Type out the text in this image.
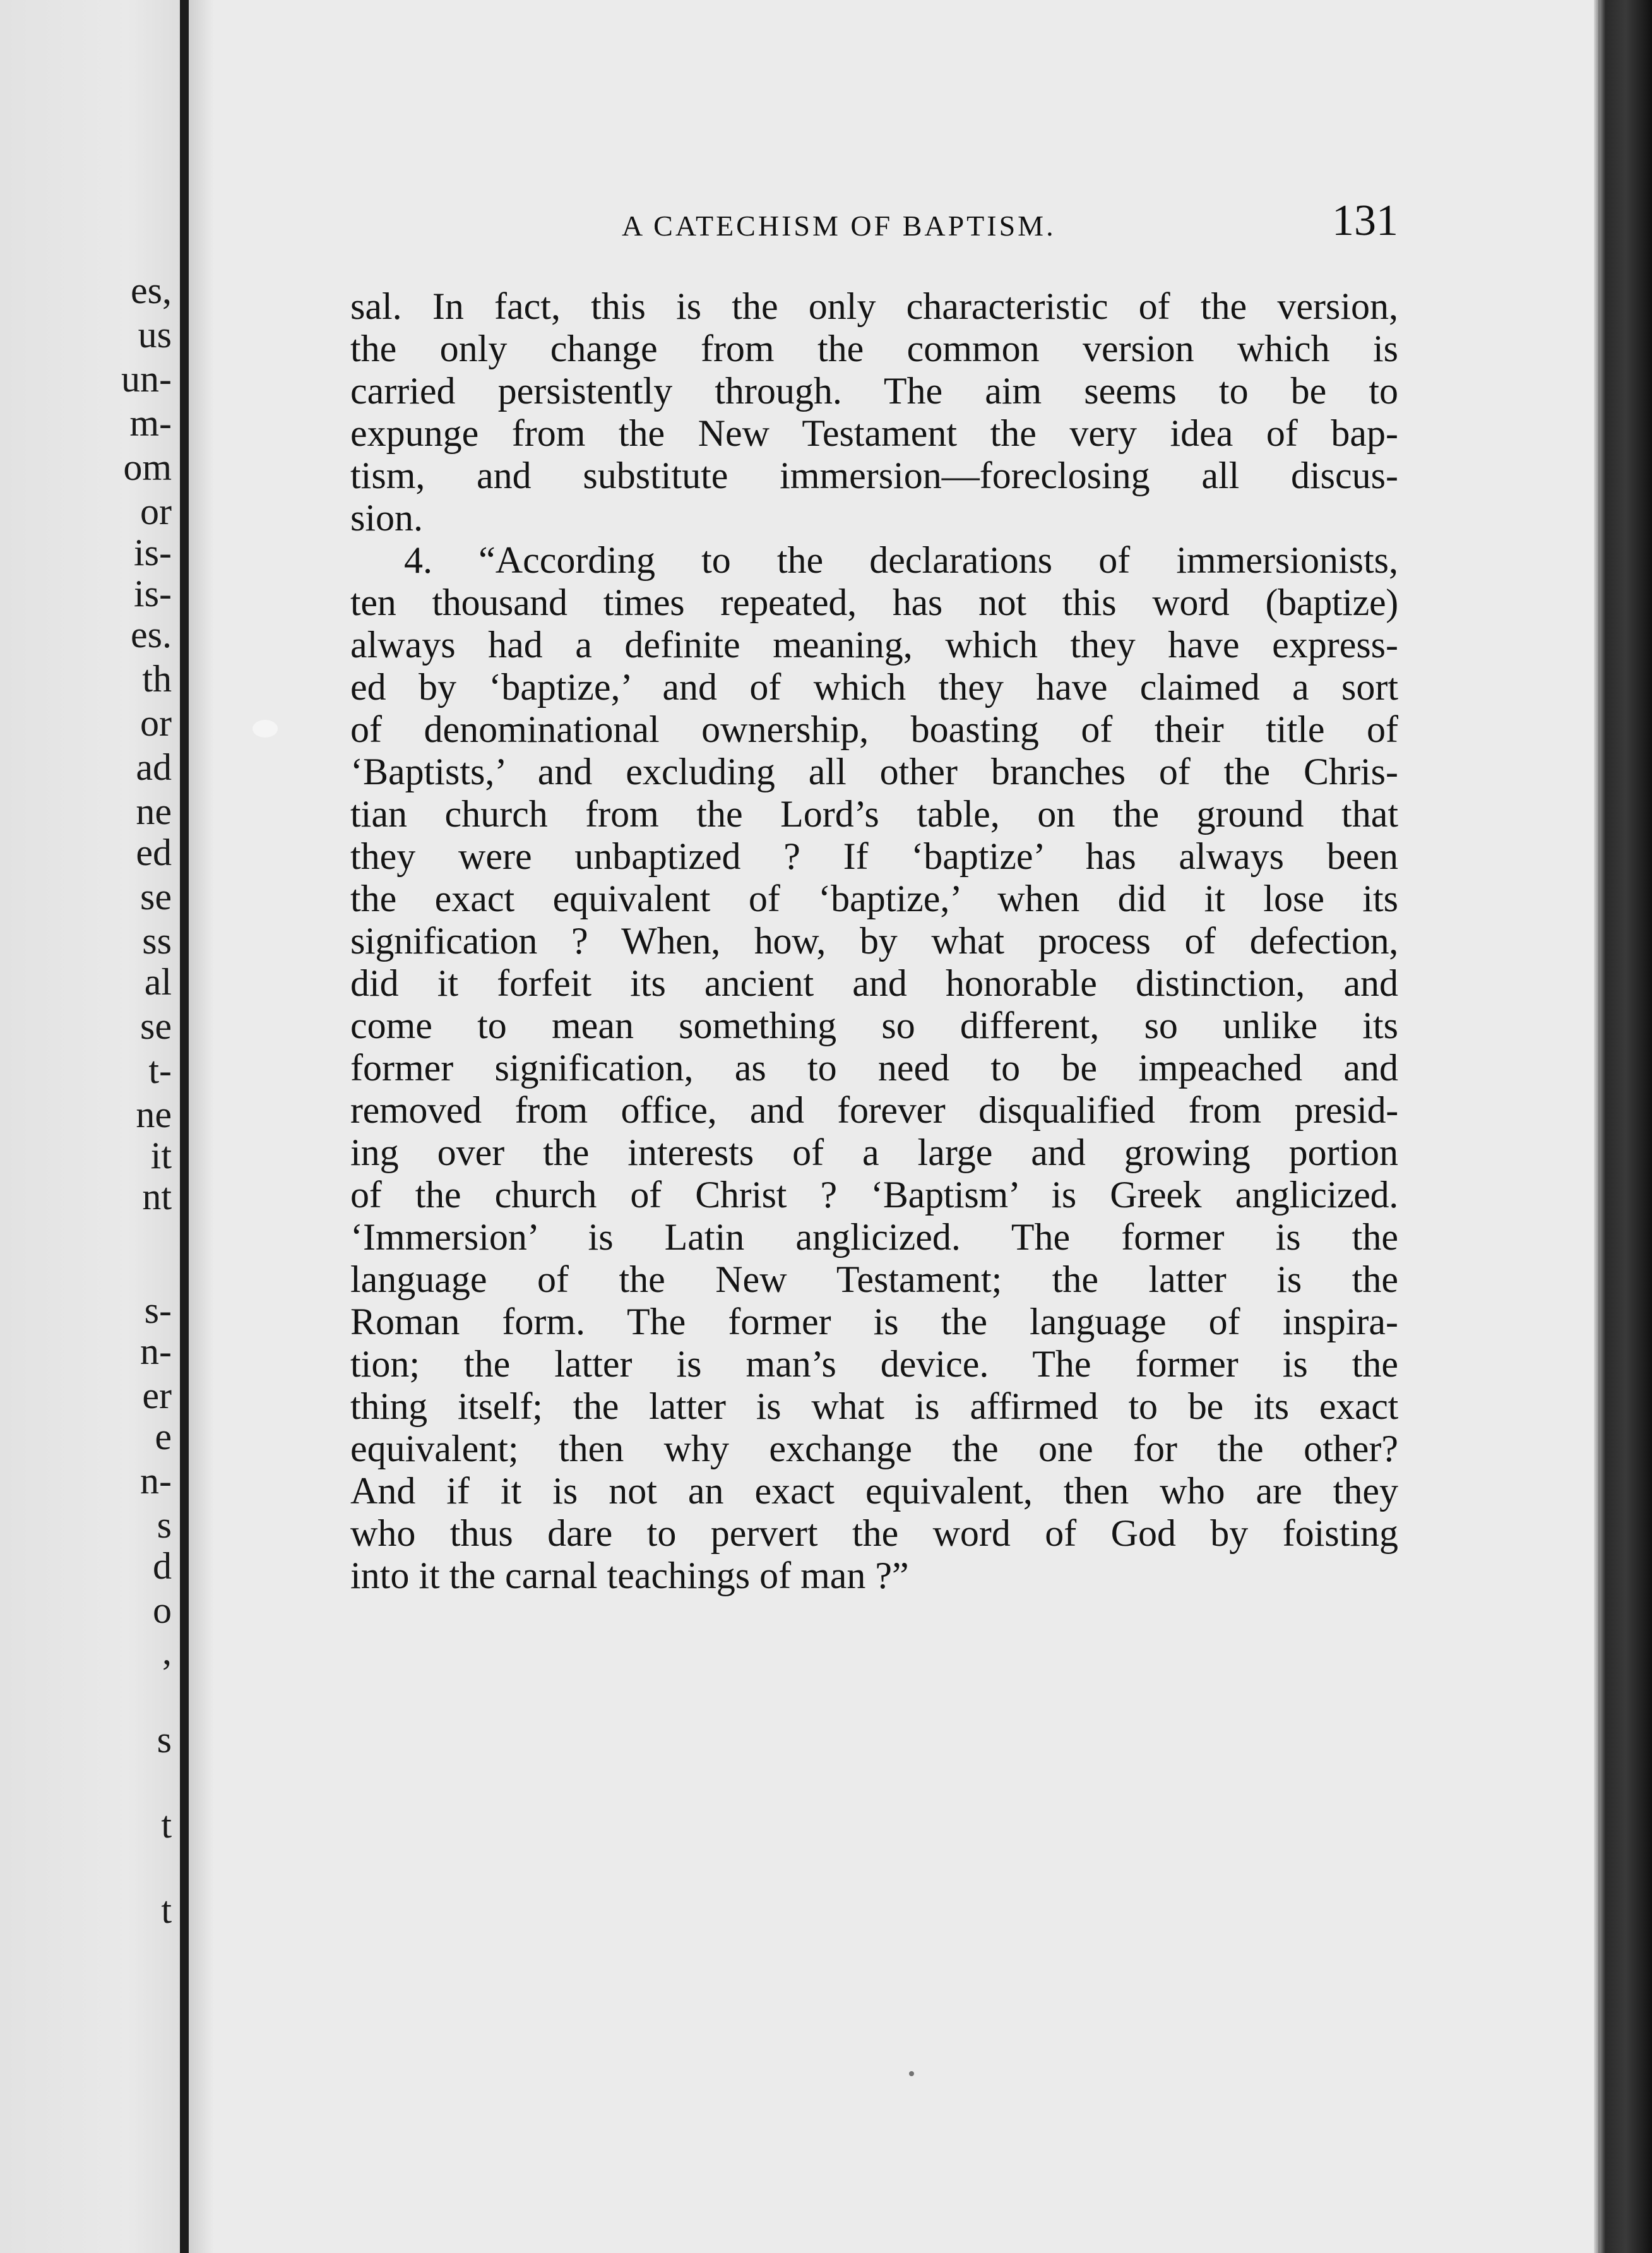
es,
us
un-
m-
om
or
is-
is-
es.
th
or
ad
ne
ed
se
ss
al
se
t-
ne
it
nt
s-
n-
er
e
n-
s
d
o
,
s
t
t
A CATECHISM OF BAPTISM.	131
sal. In fact, this is the only characteristic of the version,
the only change from the common version which is
carried persistently through. The aim seems to be to
expunge from the New Testament the very idea of bap-
tism, and substitute immersion—foreclosing all discus-
sion.
4. “According to the declarations of immersionists,
ten thousand times repeated, has not this word (baptize)
always had a definite meaning, which they have express-
ed by ‘baptize,’ and of which they have claimed a sort
of denominational ownership, boasting of their title of
‘Baptists,’ and excluding all other branches of the Chris-
tian church from the Lord’s table, on the ground that
they were unbaptized ? If ‘baptize’ has always been
the exact equivalent of ‘baptize,’ when did it lose its
signification ? When, how, by what process of defection,
did it forfeit its ancient and honorable distinction, and
come to mean something so different, so unlike its
former signification, as to need to be impeached and
removed from office, and forever disqualified from presid-
ing over the interests of a large and growing portion
of the church of Christ ? ‘Baptism’ is Greek anglicized.
‘Immersion’ is Latin anglicized. The former is the
language of the New Testament; the latter is the
Roman form. The former is the language of inspira-
tion; the latter is man’s device. The former is the
thing itself; the latter is what is affirmed to be its exact
equivalent; then why exchange the one for the other?
And if it is not an exact equivalent, then who are they
who thus dare to pervert the word of God by foisting
into it the carnal teachings of man ?”
